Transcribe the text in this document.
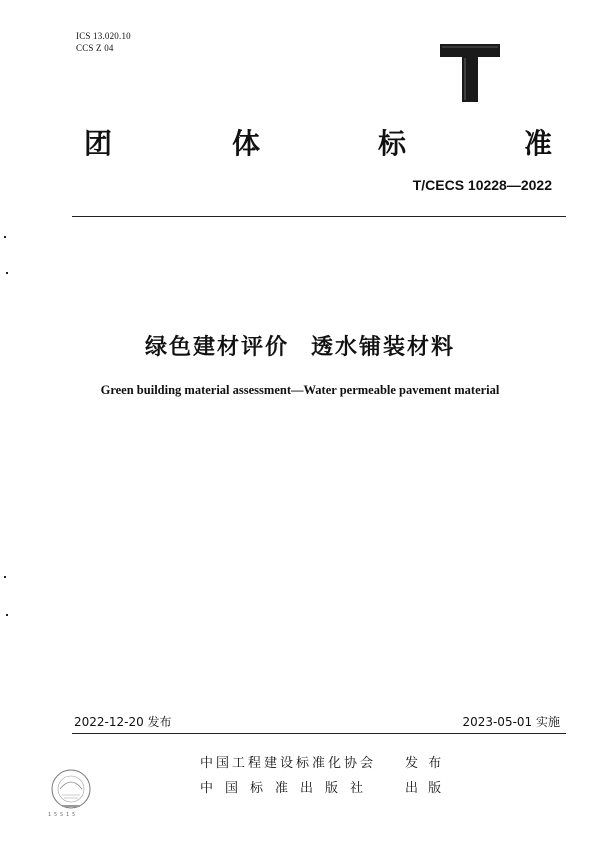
ICS 13.020.10
CCS Z 04
团	体	标	准
T/CECS 10228—2022
绿色建材评价 透水铺装材料
Green building material assessment—Water permeable pavement material
2022-12-20 发布	2023-05-01 实施
1 5 S 1 5
中国工程建设标准化协会 发 布
中 国 标 准 出 版 社	出 版
